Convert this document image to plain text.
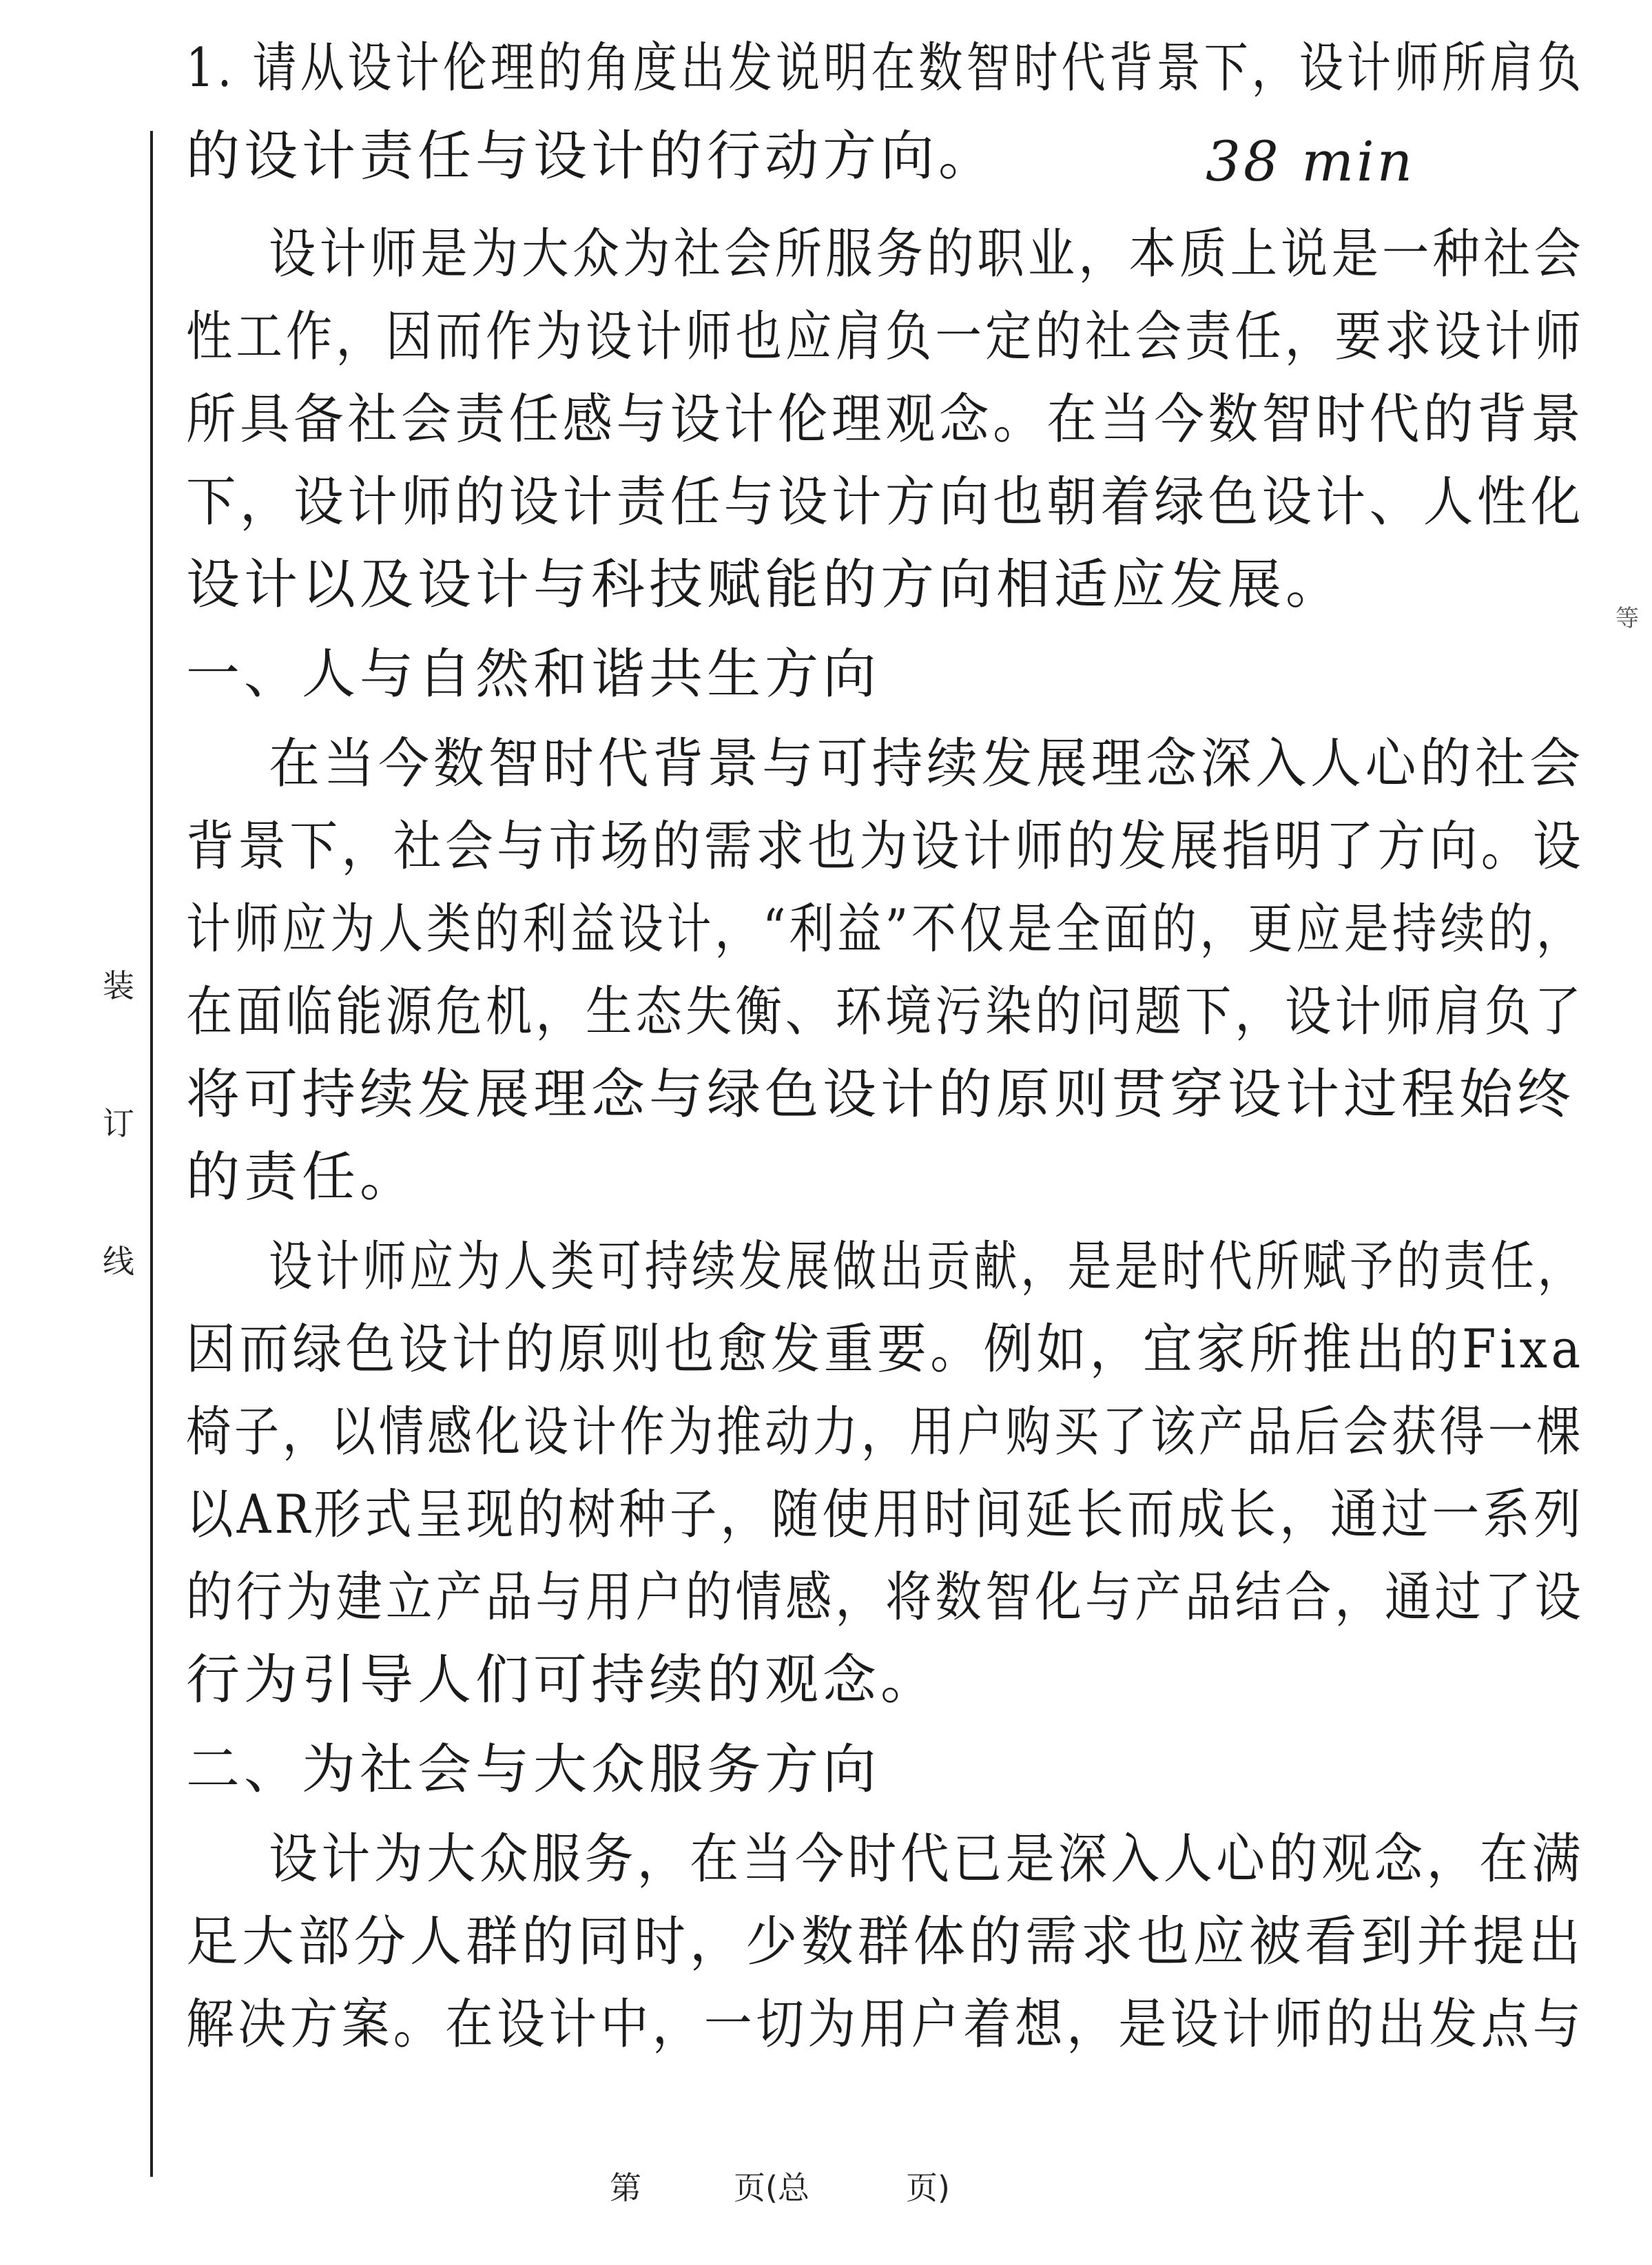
装
订
线
等
1. 请从设计伦理的角度出发说明在数智时代背景下，设计师所肩负
的设计责任与设计的行动方向。	38 min
设计师是为大众为社会所服务的职业，本质上说是一种社会
性工作，因而作为设计师也应肩负一定的社会责任，要求设计师
所具备社会责任感与设计伦理观念。在当今数智时代的背景
下，设计师的设计责任与设计方向也朝着绿色设计、人性化
设计以及设计与科技赋能的方向相适应发展。
一、人与自然和谐共生方向
在当今数智时代背景与可持续发展理念深入人心的社会
背景下，社会与市场的需求也为设计师的发展指明了方向。设
计师应为人类的利益设计，“利益”不仅是全面的，更应是持续的，
在面临能源危机，生态失衡、环境污染的问题下，设计师肩负了
将可持续发展理念与绿色设计的原则贯穿设计过程始终
的责任。
设计师应为人类可持续发展做出贡献，是是时代所赋予的责任，
因而绿色设计的原则也愈发重要。例如，宜家所推出的Fixa
椅子，以情感化设计作为推动力，用户购买了该产品后会获得一棵
以AR形式呈现的树种子，随使用时间延长而成长，通过一系列
的行为建立产品与用户的情感，将数智化与产品结合，通过了设
行为引导人们可持续的观念。
二、为社会与大众服务方向
设计为大众服务，在当今时代已是深入人心的观念，在满
足大部分人群的同时，少数群体的需求也应被看到并提出
解决方案。在设计中，一切为用户着想，是设计师的出发点与
第	页(总	页)
